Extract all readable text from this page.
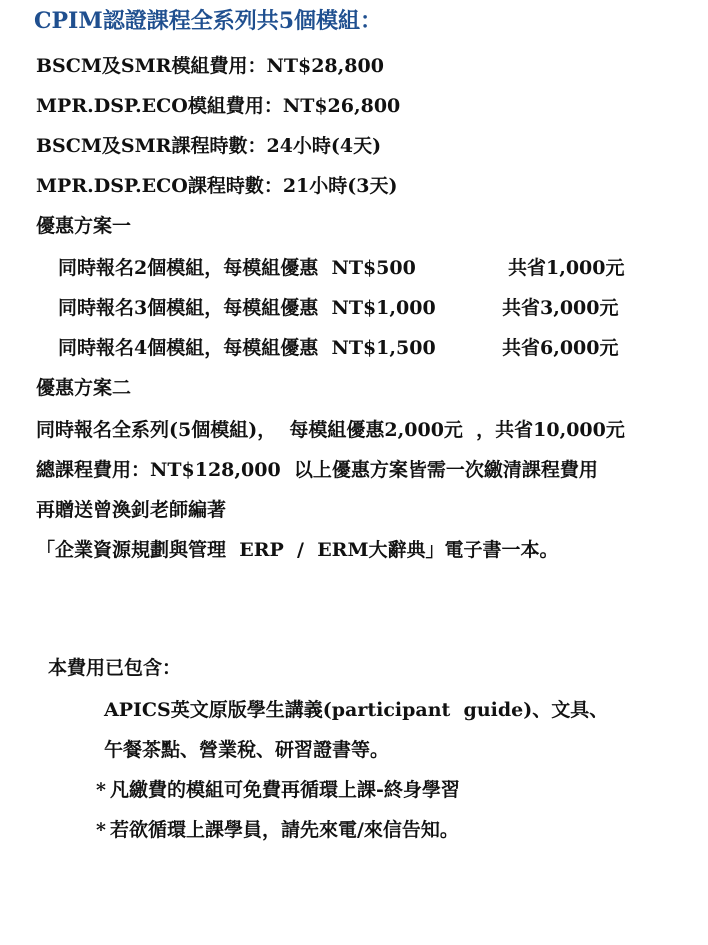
CPIM認證課程全系列共5個模組：
BSCM及SMR模組費用：NT$28,800
MPR.DSP.ECO模組費用：NT$26,800
BSCM及SMR課程時數：24小時(4天)
MPR.DSP.ECO課程時數：21小時(3天)
優惠方案一
同時報名2個模組，每模組優惠  NT$500	共省1,000元
同時報名3個模組，每模組優惠  NT$1,000	共省3,000元
同時報名4個模組，每模組優惠  NT$1,500	共省6,000元
優惠方案二
同時報名全系列(5個模組)，  每模組優惠2,000元  ，共省10,000元
總課程費用：NT$128,000  以上優惠方案皆需一次繳清課程費用
再贈送曾渙釗老師編著
「企業資源規劃與管理  ERP  /  ERM大辭典」電子書一本。
本費用已包含：
APICS英文原版學生講義(participant  guide)、文具、
午餐茶點、營業稅、研習證書等。
* 凡繳費的模組可免費再循環上課-終身學習
* 若欲循環上課學員，請先來電/來信告知。
